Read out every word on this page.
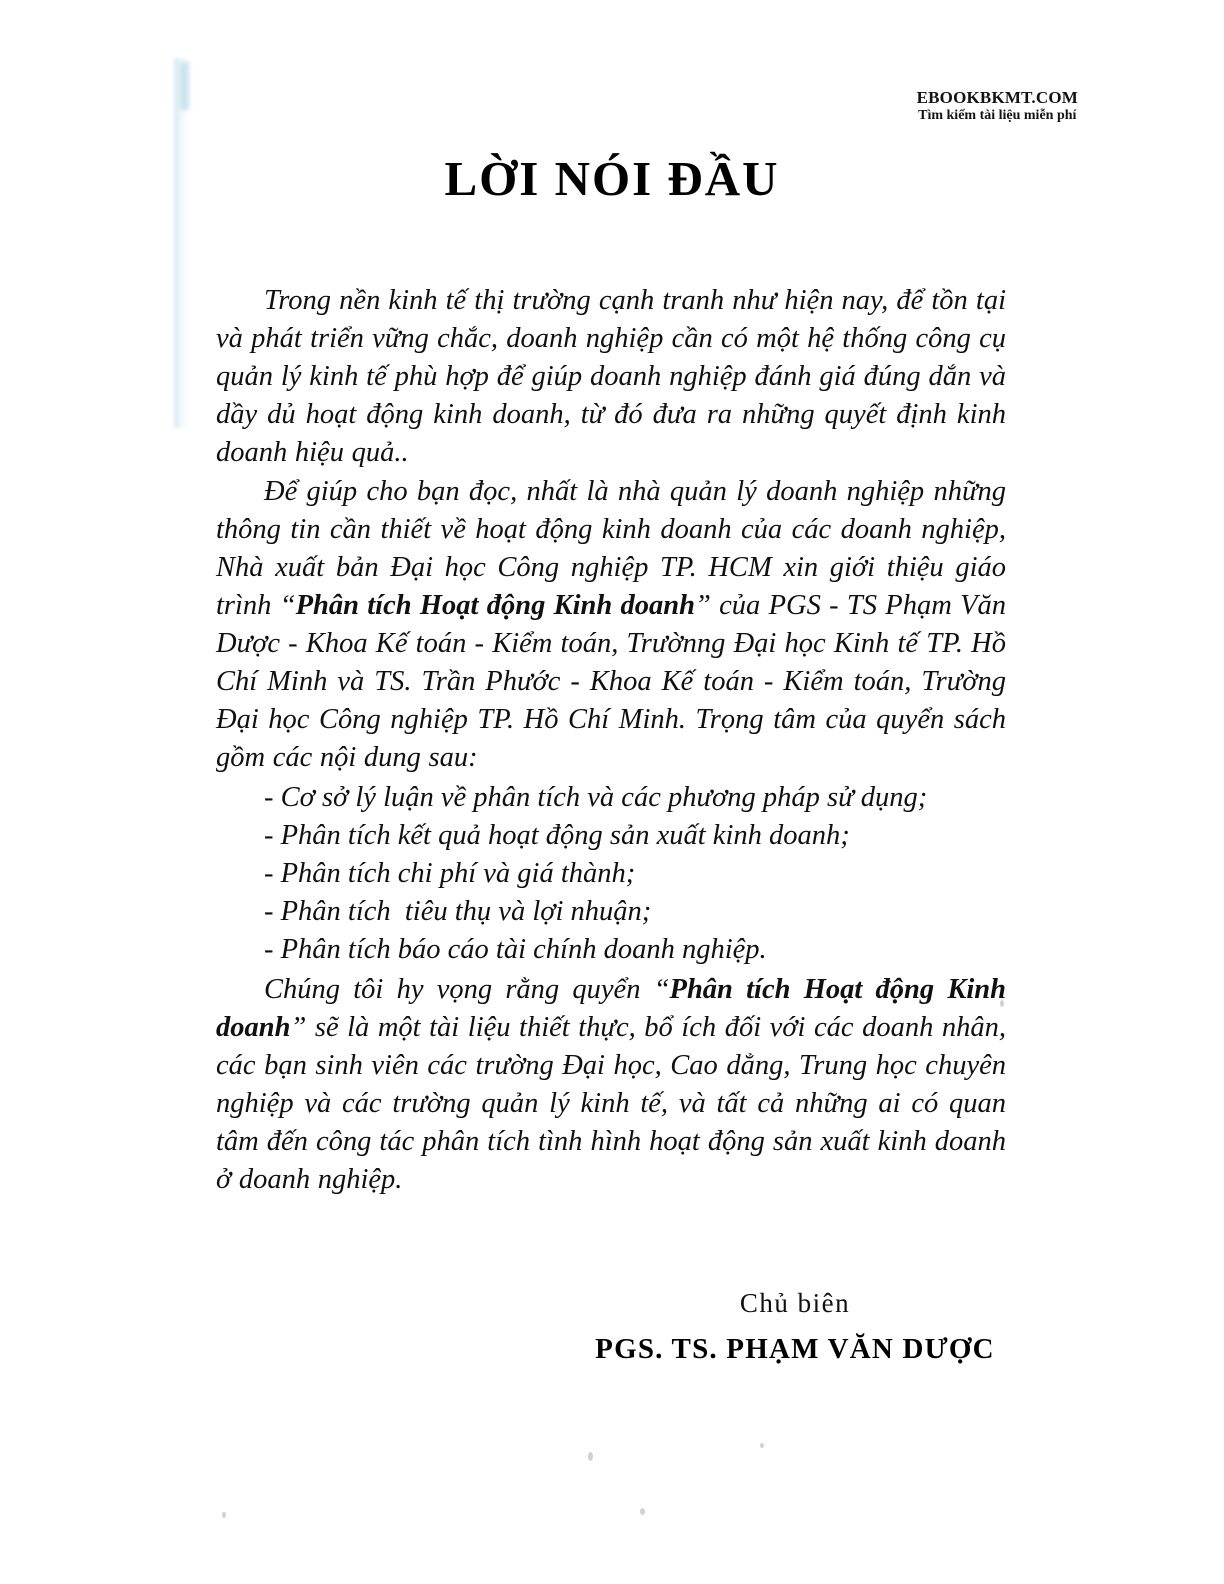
EBOOKBKMT.COM
Tìm kiếm tài liệu miễn phí
LỜI NÓI ĐẦU

Trong nền kinh tế thị trường cạnh tranh như hiện nay, để tồn tại và phát triển vững chắc, doanh nghiệp cần có một hệ thống công cụ quản lý kinh tế phù hợp để giúp doanh nghiệp đánh giá đúng dắn và dầy dủ hoạt động kinh doanh, từ đó đưa ra những quyết định kinh doanh hiệu quả..

Để giúp cho bạn đọc, nhất là nhà quản lý doanh nghiệp những thông tin cần thiết về hoạt động kinh doanh của các doanh nghiệp, Nhà xuất bản Đại học Công nghiệp TP. HCM xin giới thiệu giáo trình “Phân tích Hoạt động Kinh doanh” của PGS - TS Phạm Văn Dược - Khoa Kế toán - Kiểm toán, Trườnng Đại học Kinh tế TP. Hồ Chí Minh và TS. Trần Phước - Khoa Kế toán - Kiểm toán, Trường Đại học Công nghiệp TP. Hồ Chí Minh. Trọng tâm của quyển sách gồm các nội dung sau:

- Cơ sở lý luận về phân tích và các phương pháp sử dụng;
- Phân tích kết quả hoạt động sản xuất kinh doanh;
- Phân tích chi phí và giá thành;
- Phân tích  tiêu thụ và lợi nhuận;
- Phân tích báo cáo tài chính doanh nghiệp.

Chúng tôi hy vọng rằng quyển “Phân tích Hoạt động Kinh doanh” sẽ là một tài liệu thiết thực, bổ ích đối với các doanh nhân, các bạn sinh viên các trường Đại học, Cao dẳng, Trung học chuyên nghiệp và các trường quản lý kinh tế, và tất cả những ai có quan tâm đến công tác phân tích tình hình hoạt động sản xuất kinh doanh ở doanh nghiệp.

Chủ biên
PGS. TS. PHẠM VĂN DƯỢC
